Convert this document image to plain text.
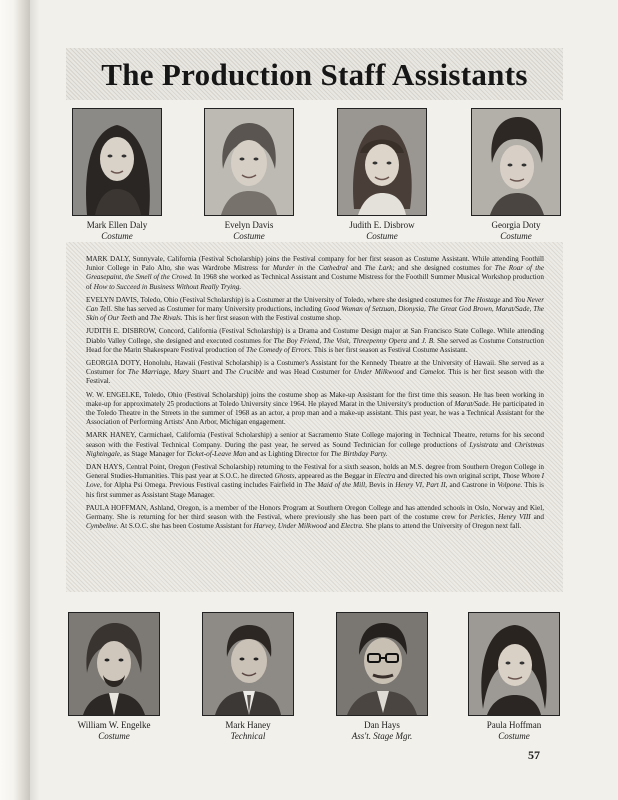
The Production Staff Assistants
Mark Ellen Daly
Costume
Evelyn Davis
Costume
Judith E. Disbrow
Costume
Georgia Doty
Costume

MARK DALY, Sunnyvale, California (Festival Scholarship) joins the Festival company for her first season as Costume Assistant. While attending Foothill Junior College in Palo Alto, she was Wardrobe Mistress for Murder in the Cathedral and The Lark; and she designed costumes for The Roar of the Greasepaint, the Smell of the Crowd. In 1968 she worked as Technical Assistant and Costume Mistress for the Foothill Summer Musical Workshop production of How to Succeed in Business Without Really Trying.

EVELYN DAVIS, Toledo, Ohio (Festival Scholarship) is a Costumer at the University of Toledo, where she designed costumes for The Hostage and You Never Can Tell. She has served as Costumer for many University productions, including Good Woman of Setzuan, Dionysia, The Great God Brown, Marat/Sade, The Skin of Our Teeth and The Rivals. This is her first season with the Festival costume shop.

JUDITH E. DISBROW, Concord, California (Festival Scholarship) is a Drama and Costume Design major at San Francisco State College. While attending Diablo Valley College, she designed and executed costumes for The Boy Friend, The Visit, Threepenny Opera and J. B. She served as Costume Construction Head for the Marin Shakespeare Festival production of The Comedy of Errors. This is her first season as Festival Costume Assistant.

GEORGIA DOTY, Honolulu, Hawaii (Festival Scholarship) is a Costumer's Assistant for the Kennedy Theatre at the University of Hawaii. She served as a Costumer for The Marriage, Mary Stuart and The Crucible and was Head Costumer for Under Milkwood and Camelot. This is her first season with the Festival.

W. W. ENGELKE, Toledo, Ohio (Festival Scholarship) joins the costume shop as Make-up Assistant for the first time this season. He has been working in make-up for approximately 25 productions at Toledo University since 1964. He played Marat in the University's production of Marat/Sade. He participated in the Toledo Theatre in the Streets in the summer of 1968 as an actor, a prop man and a make-up assistant. This past year, he was a Technical Assistant for the Association of Performing Artists' Ann Arbor, Michigan engagement.

MARK HANEY, Carmichael, California (Festival Scholarship) a senior at Sacramento State College majoring in Technical Theatre, returns for his second season with the Festival Technical Company. During the past year, he served as Sound Technician for college productions of Lysistrata and Christmas Nightingale, as Stage Manager for Ticket-of-Leave Man and as Lighting Director for The Birthday Party.

DAN HAYS, Central Point, Oregon (Festival Scholarship) returning to the Festival for a sixth season, holds an M.S. degree from Southern Oregon College in General Studies-Humanities. This past year at S.O.C. he directed Ghosts, appeared as the Beggar in Electra and directed his own original script, Those Whom I Love, for Alpha Psi Omega. Previous Festival casting includes Fairfield in The Maid of the Mill, Bevis in Henry VI, Part II, and Castrone in Volpone. This is his first summer as Assistant Stage Manager.

PAULA HOFFMAN, Ashland, Oregon, is a member of the Honors Program at Southern Oregon College and has attended schools in Oslo, Norway and Kiel, Germany. She is returning for her third season with the Festival, where previously she has been part of the costume crew for Pericles, Henry VIII and Cymbeline. At S.O.C. she has been Costume Assistant for Harvey, Under Milkwood and Electra. She plans to attend the University of Oregon next fall.

William W. Engelke
Costume
Mark Haney
Technical
Dan Hays
Ass't. Stage Mgr.
Paula Hoffman
Costume
57
